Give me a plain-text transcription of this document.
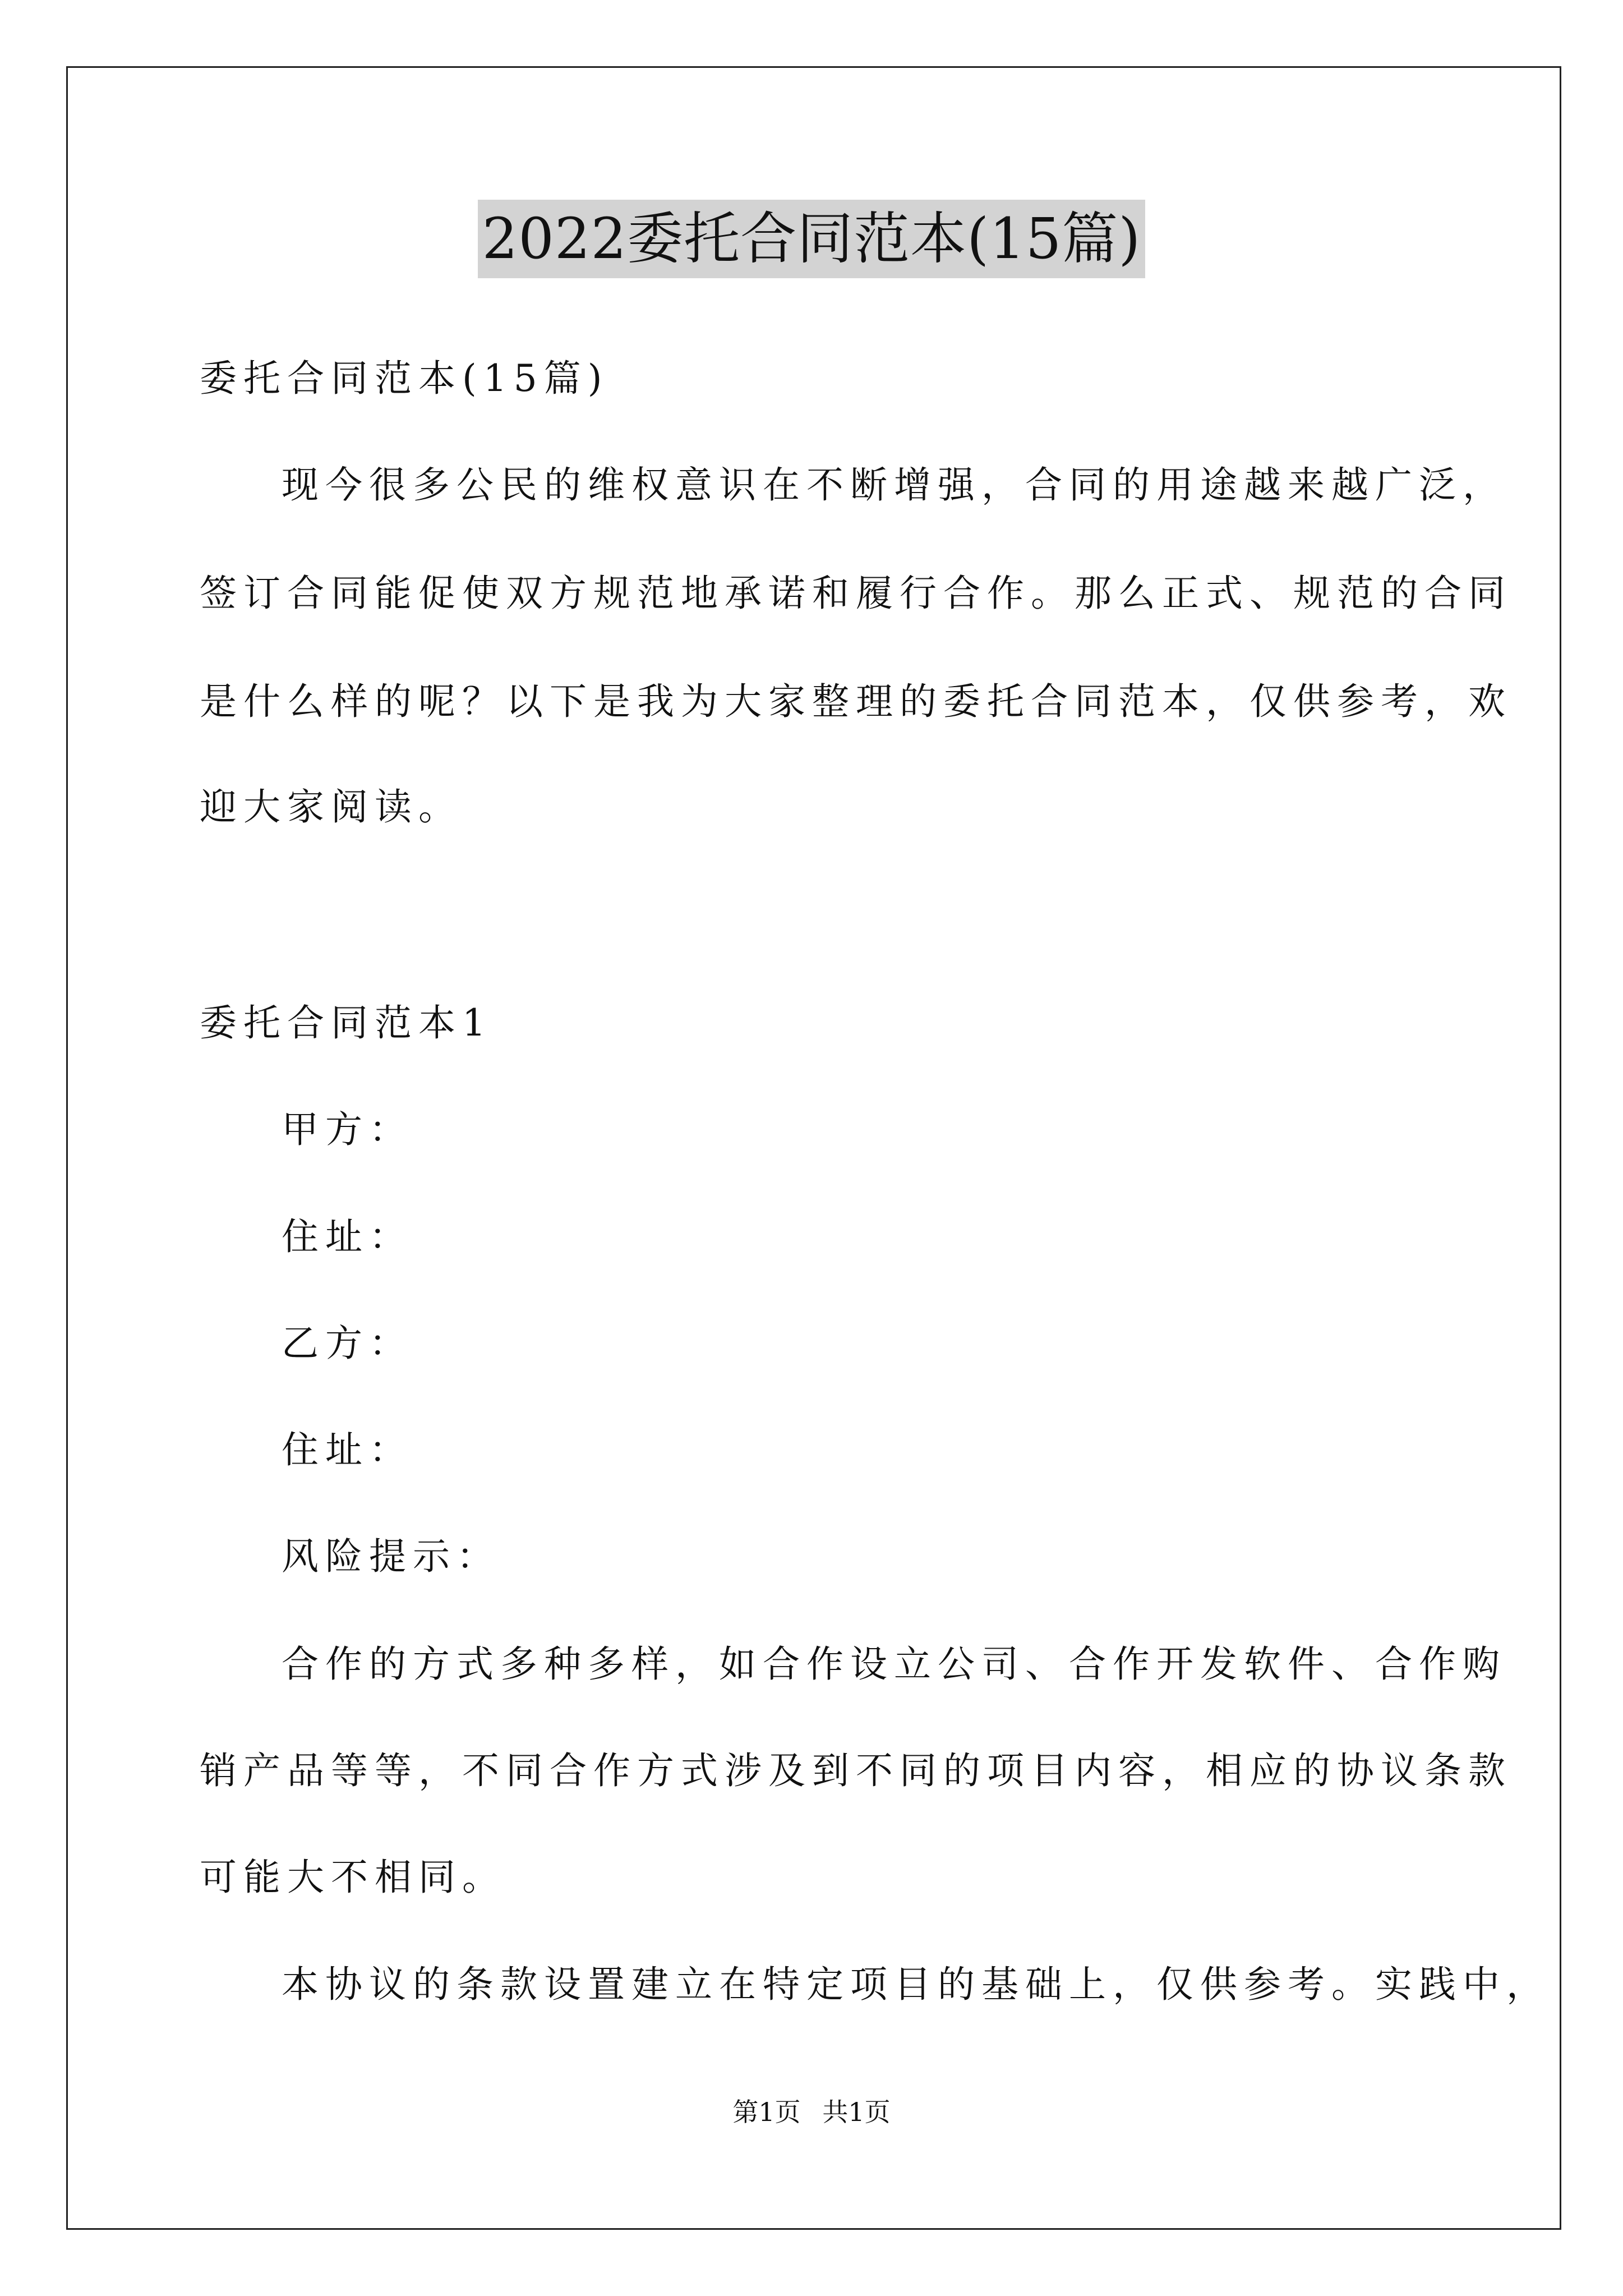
2022委托合同范本(15篇)
委托合同范本(15篇)
现今很多公民的维权意识在不断增强，合同的用途越来越广泛，
签订合同能促使双方规范地承诺和履行合作。那么正式、规范的合同
是什么样的呢？以下是我为大家整理的委托合同范本，仅供参考，欢
迎大家阅读。
委托合同范本1
甲方：
住址：
乙方：
住址：
风险提示：
合作的方式多种多样，如合作设立公司、合作开发软件、合作购
销产品等等，不同合作方式涉及到不同的项目内容，相应的协议条款
可能大不相同。
本协议的条款设置建立在特定项目的基础上，仅供参考。实践中，
第1页 共1页
